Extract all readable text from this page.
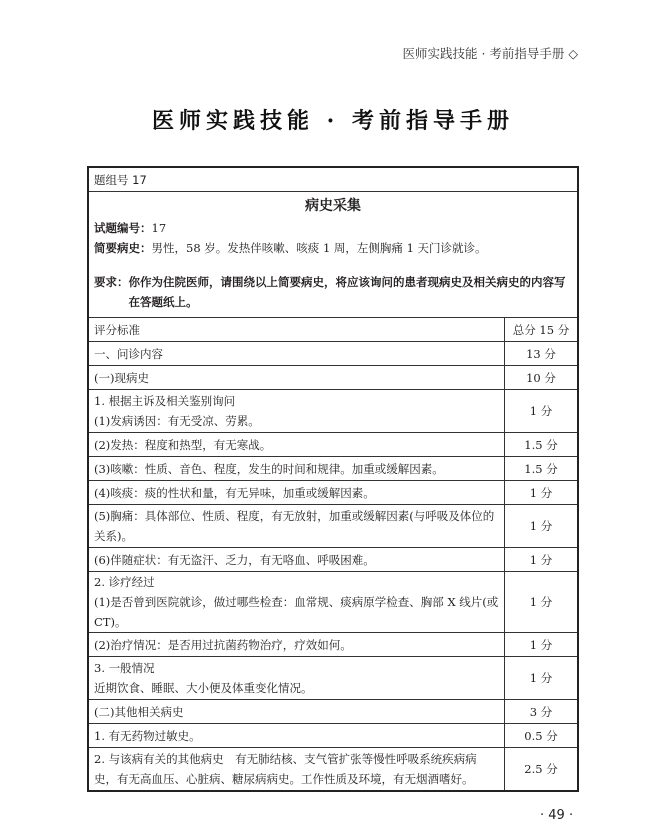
医师实践技能 · 考前指导手册 ◇
医师实践技能 · 考前指导手册
题组号 17	

病史采集
试题编号：17
简要病史：男性，58 岁。发热伴咳嗽、咳痰 1 周，左侧胸痛 1 天门诊就诊。
要求： 你作为住院医师，请围绕以上简要病史，将应该询问的患者现病史及相关病史的内容写在答题纸上。	

评分标准	总分 15 分
一、问诊内容	13 分
(一)现病史	10 分
1. 根据主诉及相关鉴别询问
(1)发病诱因：有无受凉、劳累。	1 分
(2)发热：程度和热型，有无寒战。	1.5 分
(3)咳嗽：性质、音色、程度，发生的时间和规律。加重或缓解因素。	1.5 分
(4)咳痰：痰的性状和量，有无异味，加重或缓解因素。	1 分
(5)胸痛：具体部位、性质、程度，有无放射，加重或缓解因素(与呼吸及体位的关系)。	1 分
(6)伴随症状：有无盗汗、乏力，有无咯血、呼吸困难。	1 分
2. 诊疗经过
(1)是否曾到医院就诊，做过哪些检查：血常规、痰病原学检查、胸部 X 线片(或 CT)。	1 分
(2)治疗情况：是否用过抗菌药物治疗，疗效如何。	1 分
3. 一般情况
近期饮食、睡眠、大小便及体重变化情况。	1 分
(二)其他相关病史	3 分
1. 有无药物过敏史。	0.5 分
2. 与该病有关的其他病史　有无肺结核、支气管扩张等慢性呼吸系统疾病病史，有无高血压、心脏病、糖尿病病史。工作性质及环境，有无烟酒嗜好。	2.5 分
· 49 ·
